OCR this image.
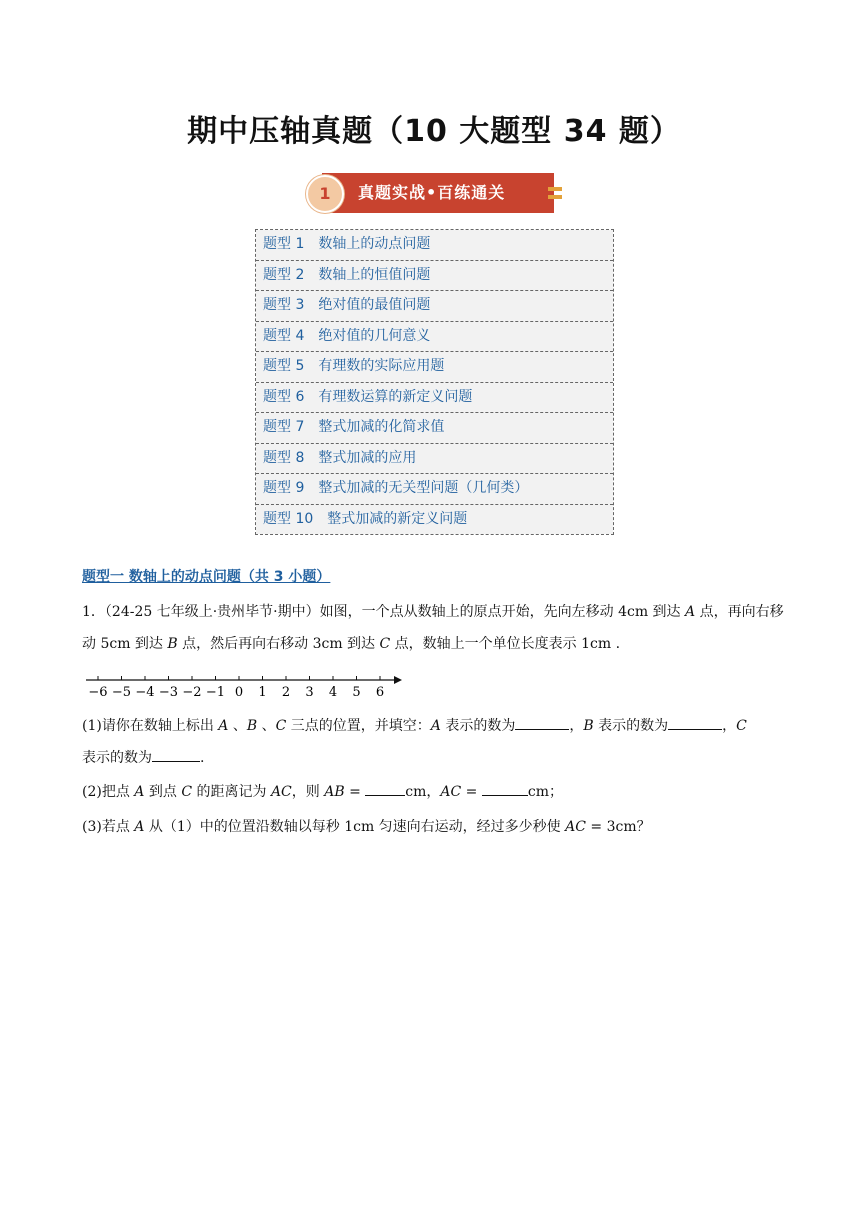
期中压轴真题（10 大题型 34 题）
真题实战•百练通关
1
题型 1　数轴上的动点问题
题型 2　数轴上的恒值问题
题型 3　绝对值的最值问题
题型 4　绝对值的几何意义
题型 5　有理数的实际应用题
题型 6　有理数运算的新定义问题
题型 7　整式加减的化简求值
题型 8　整式加减的应用
题型 9　整式加减的无关型问题（几何类）
题型 10　整式加减的新定义问题
题型一 数轴上的动点问题（共 3 小题）

1．（24-25 七年级上·贵州毕节·期中）如图，一个点从数轴上的原点开始，先向左移动 4cm 到达 A 点，再向右移动 5cm 到达 B 点，然后再向右移动 3cm 到达 C 点，数轴上一个单位长度表示 1cm .

−6 −5 −4 −3 −2 −1 0 1 2 3 4 5 6

(1)请你在数轴上标出 A 、B 、C 三点的位置，并填空：A 表示的数为	，B 表示的数为	，C
表示的数为	.

(2)把点 A 到点 C 的距离记为 AC，则 AB =	cm，AC =	cm；

(3)若点 A 从（1）中的位置沿数轴以每秒 1cm 匀速向右运动，经过多少秒使 AC = 3cm？
